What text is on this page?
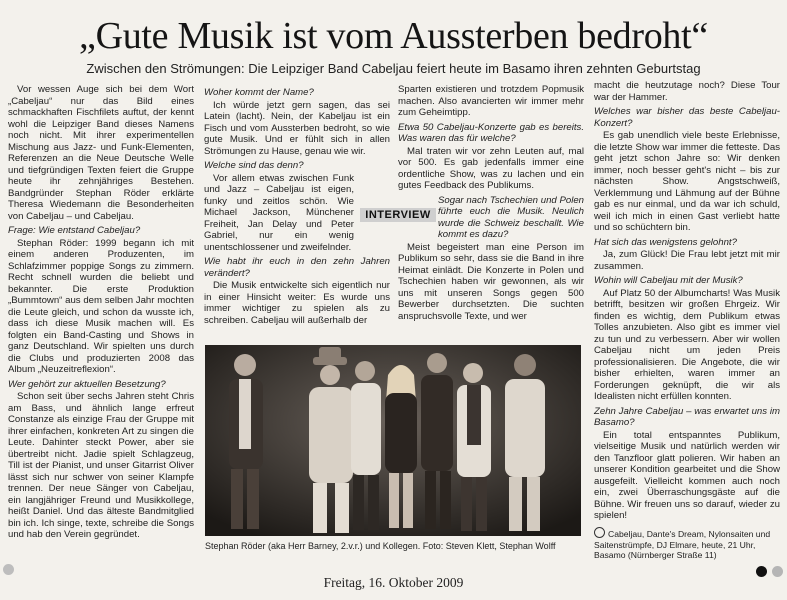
„Gute Musik ist vom Aussterben bedroht“
Zwischen den Strömungen: Die Leipziger Band Cabeljau feiert heute im Basamo ihren zehnten Geburtstag

Vor wessen Auge sich bei dem Wort „Cabeljau“ nur das Bild eines schmackhaften Fischfilets auftut, der kennt wohl die Leipziger Band dieses Namens noch nicht. Mit ihrer experimentellen Mischung aus Jazz- und Funk-Elementen, Referenzen an die Neue Deutsche Welle und tiefgründigen Texten feiert die Gruppe heute ihr zehnjähriges Bestehen. Bandgründer Stephan Röder erklärte Theresa Wiedemann die Besonderheiten von Cabeljau – und Cabeljau.

Frage: Wie entstand Cabeljau?

Stephan Röder: 1999 begann ich mit einem anderen Produzenten, im Schlafzimmer poppige Songs zu zimmern. Recht schnell wurden die beliebt und bekannter. Die erste Produktion „Bummtown“ aus dem selben Jahr mochten die Leute gleich, und schon da wusste ich, dass ich diese Musik machen will. Es folgten ein Band-Casting und Shows in ganz Deutschland. Wir spielten uns durch die Clubs und produzierten 2008 das Album „Neuzeitreflexion“.

Wer gehört zur aktuellen Besetzung?

Schon seit über sechs Jahren steht Chris am Bass, und ähnlich lange erfreut Constanze als einzige Frau der Gruppe mit ihrer einfachen, konkreten Art zu singen die Leute. Dahinter steckt Power, aber sie übertreibt nicht. Jadie spielt Schlagzeug, Till ist der Pianist, und unser Gitarrist Oliver lässt sich nur schwer von seiner Klampfe trennen. Der neue Sänger von Cabeljau, ein langjähriger Freund und Musikkollege, heißt Daniel. Und das älteste Bandmitglied bin ich. Ich singe, texte, schreibe die Songs und hab den Verein gegründet.

Woher kommt der Name?

Ich würde jetzt gern sagen, das sei Latein (lacht). Nein, der Kabeljau ist ein Fisch und vom Aussterben bedroht, so wie gute Musik. Und er fühlt sich in allen Strömungen zu Hause, genau wie wir.

Welche sind das denn?

Vor allem etwas zwischen Funk und Jazz – Cabeljau ist eigen, funky und zeitlos schön. Wie Michael Jackson, Münchener Freiheit, Jan Delay und Peter Gabriel, nur ein wenig unentschlossener und zweifelnder.

Wie habt ihr euch in den zehn Jahren verändert?

Die Musik entwickelte sich eigentlich nur in einer Hinsicht weiter: Es wurde uns immer wichtiger zu spielen als zu schreiben. Cabeljau will außerhalb der

Sparten existieren und trotzdem Popmusik machen. Also avancierten wir immer mehr zum Geheimtipp.

Etwa 50 Cabeljau-Konzerte gab es bereits. Was waren das für welche?

Mal traten wir vor zehn Leuten auf, mal vor 500. Es gab jedenfalls immer eine ordentliche Show, was zu lachen und ein gutes Feedback des Publikums.

Sogar nach Tschechien und Polen führte euch die Musik. Neulich wurde die Schweiz beschallt. Wie kommt es dazu?

Meist begeistert man eine Person im Publikum so sehr, dass sie die Band in ihre Heimat einlädt. Die Konzerte in Polen und Tschechien haben wir gewonnen, als wir uns mit unseren Songs gegen 500 Bewerber durchsetzten. Die suchten anspruchsvolle Texte, und wer

macht die heutzutage noch? Diese Tour war der Hammer.

Welches war bisher das beste Cabeljau-Konzert?

Es gab unendlich viele beste Erlebnisse, die letzte Show war immer die fetteste. Das geht jetzt schon Jahre so: Wir denken immer, noch besser geht's nicht – bis zur nächsten Show. Angstschweiß, Verklemmung und Lähmung auf der Bühne gab es nur einmal, und da war ich schuld, weil ich mich in einen Gast verliebt hatte und so schüchtern bin.

Hat sich das wenigstens gelohnt?

Ja, zum Glück! Die Frau lebt jetzt mit mir zusammen.

Wohin will Cabeljau mit der Musik?

Auf Platz 50 der Albumcharts! Was Musik betrifft, besitzen wir großen Ehrgeiz. Wir finden es wichtig, dem Publikum etwas Tolles anzubieten. Also gibt es immer viel zu tun und zu verbessern. Aber wir wollen Cabeljau nicht um jeden Preis professionalisieren. Die Angebote, die wir bisher erhielten, waren immer an Forderungen geknüpft, die wir als Idealisten nicht erfüllen konnten.

Zehn Jahre Cabeljau – was erwartet uns im Basamo?

Ein total entspanntes Publikum, vielseitige Musik und natürlich werden wir den Tanzfloor glatt polieren. Wir haben an unserer Kondition gearbeitet und die Show ausgefeilt. Vielleicht kommen auch noch ein, zwei Überraschungsgäste auf die Bühne. Wir freuen uns so darauf, wieder zu spielen!

INTERVIEW
Stephan Röder (aka Herr Barney, 2.v.r.) und Kollegen. Foto: Steven Klett, Stephan Wolff
Cabeljau, Dante's Dream, Nylonsaiten und Saitenstrümpfe, DJ Elmare, heute, 21 Uhr, Basamo (Nürnberger Straße 11)
Freitag, 16. Oktober 2009
